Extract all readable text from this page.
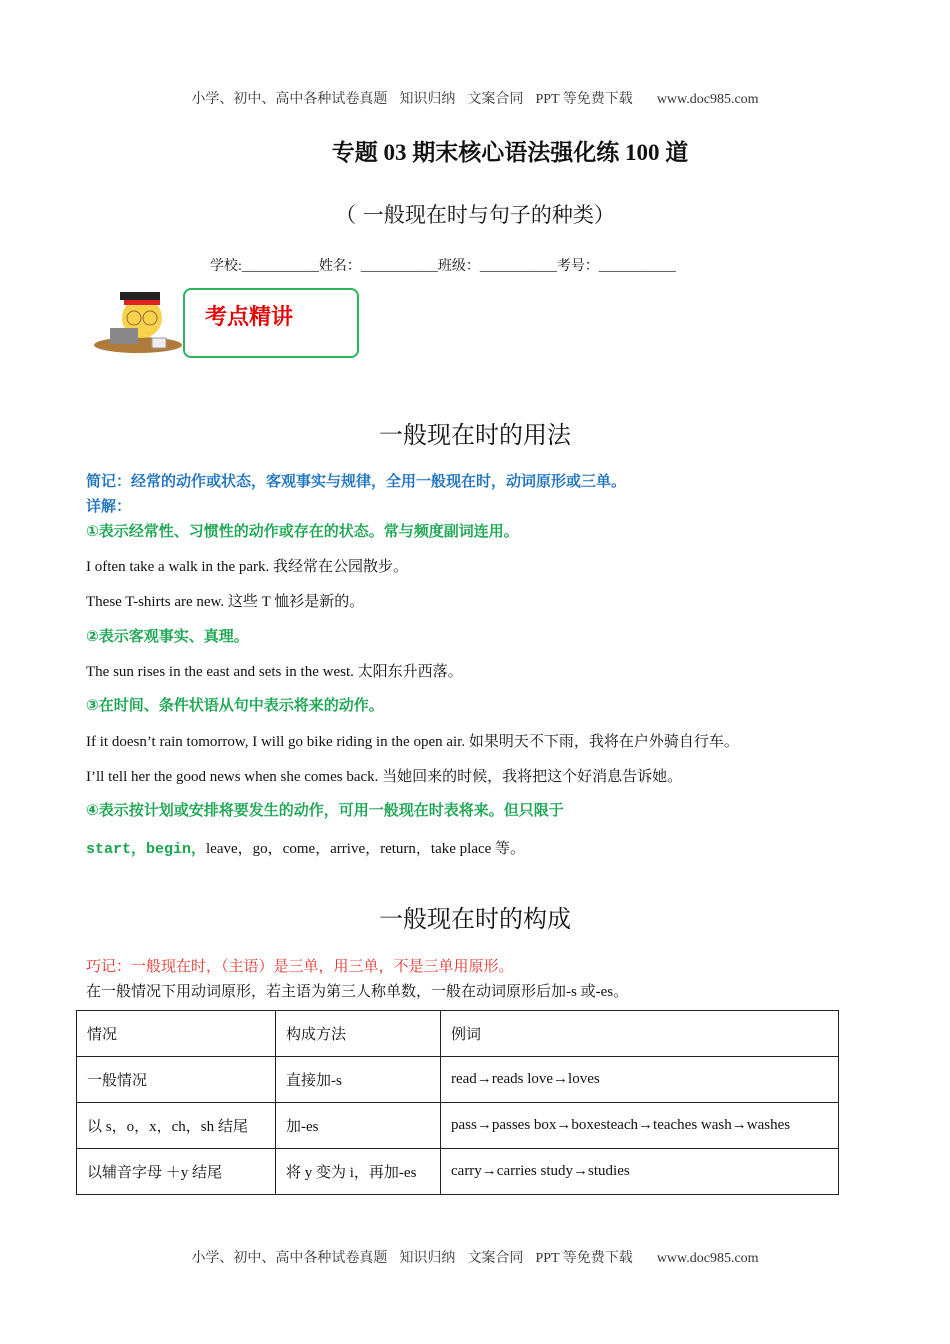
小学、初中、高中各种试卷真题 知识归纳 文案合同 PPT 等免费下载 www.doc985.com
专题 03 期末核心语法强化练 100 道
（ 一般现在时与句子的种类）
学校:___________姓名：___________班级：___________考号：___________
考点精讲
一般现在时的用法
简记：经常的动作或状态，客观事实与规律，全用一般现在时，动词原形或三单。
详解：
①表示经常性、习惯性的动作或存在的状态。常与频度副词连用。
I often take a walk in the park. 我经常在公园散步。
These T-shirts are new. 这些 T 恤衫是新的。
②表示客观事实、真理。
The sun rises in the east and sets in the west. 太阳东升西落。
③在时间、条件状语从句中表示将来的动作。
If it doesn’t rain tomorrow, I will go bike riding in the open air. 如果明天不下雨，我将在户外骑自行车。
I’ll tell her the good news when she comes back. 当她回来的时候，我将把这个好消息告诉她。
④表示按计划或安排将要发生的动作，可用一般现在时表将来。但只限于
start，begin，leave，go，come，arrive，return，take place 等。
一般现在时的构成
巧记：一般现在时，（主语）是三单，用三单，不是三单用原形。
在一般情况下用动词原形，若主语为第三人称单数，一般在动词原形后加-s 或-es。
情况	构成方法	例词
一般情况	直接加-s	read→reads love→loves
以 s，o，x，ch，sh 结尾	加-es	pass→passes box→boxesteach→teaches wash→washes
以辅音字母 ＋y 结尾	将 y 变为 i，再加-es	carry→carries study→studies
小学、初中、高中各种试卷真题 知识归纳 文案合同 PPT 等免费下载 www.doc985.com
